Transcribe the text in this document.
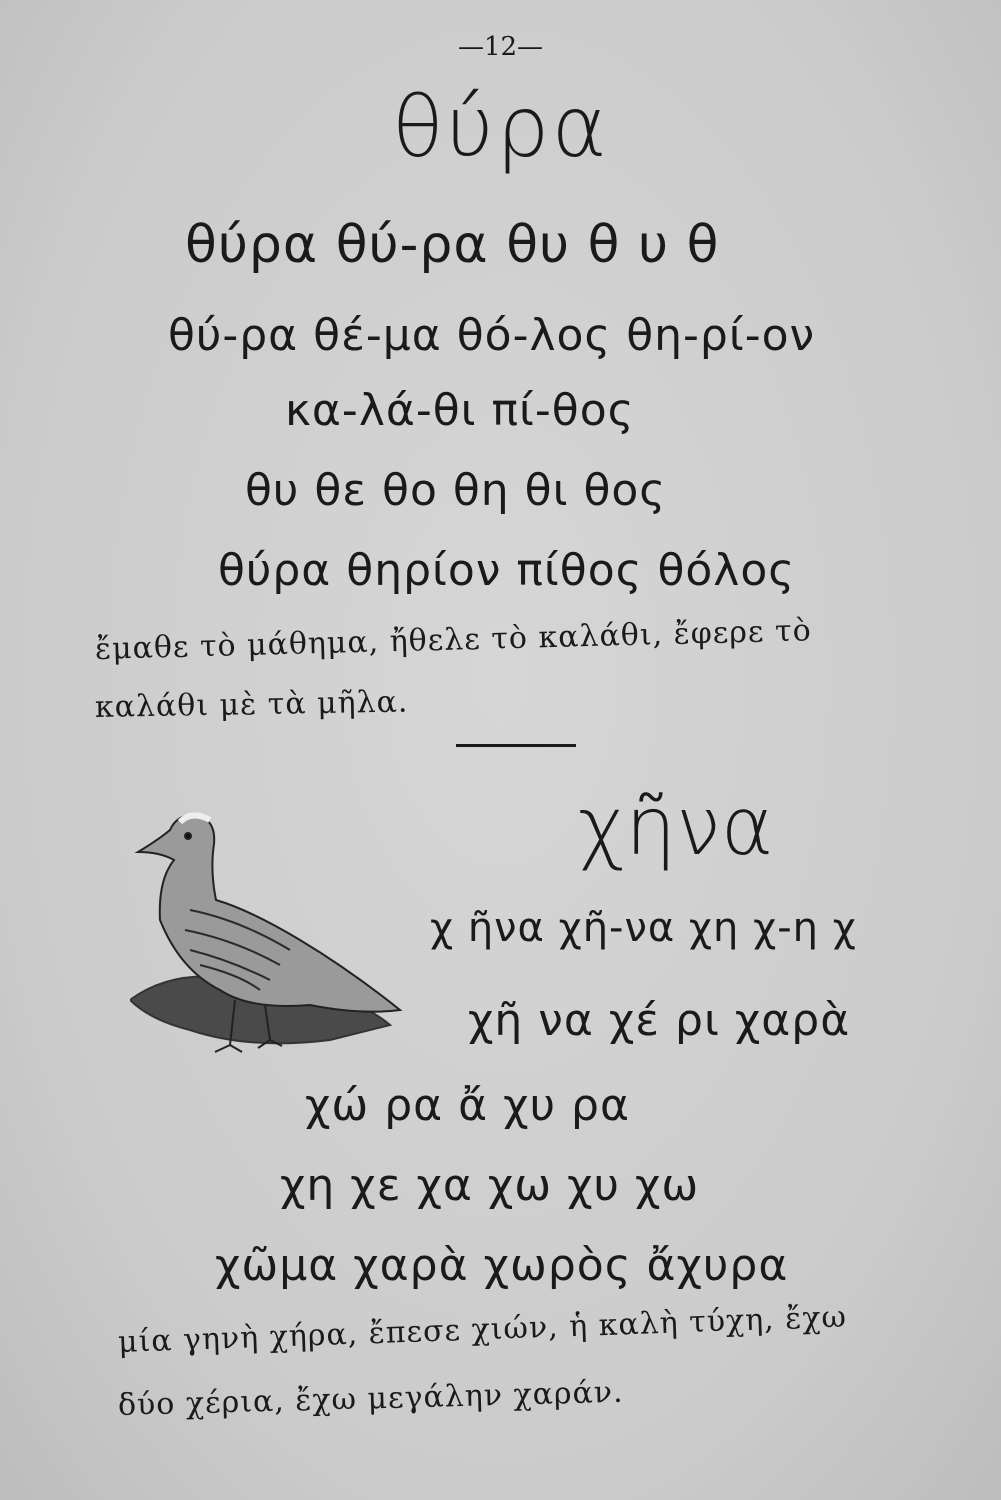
—12—
θύρα
θύρα θύ-ρα θυ θ υ θ
θύ-ρα θέ-μα θό-λος θη-ρί-ον
κα-λά-θι πί-θος
θυ θε θο θη θι θος
θύρα θηρίον πίθος θόλος
ἔμαθε τὸ μάθημα, ἤθελε τὸ καλάθι, ἔφερε τὸ
καλάθι μὲ τὰ μῆλα.
χῆνα
χ ῆνα χῆ-να χη χ-η χ
χῆ να χέ ρι χαρὰ
χώ ρα ἄ χυ ρα
χη χε χα χω χυ χω
χῶμα χαρὰ χωρὸς ἄχυρα
μία γηνὴ χήρα, ἔπεσε χιών, ἡ καλὴ τύχη, ἔχω
δύο χέρια, ἔχω μεγάλην χαράν.
